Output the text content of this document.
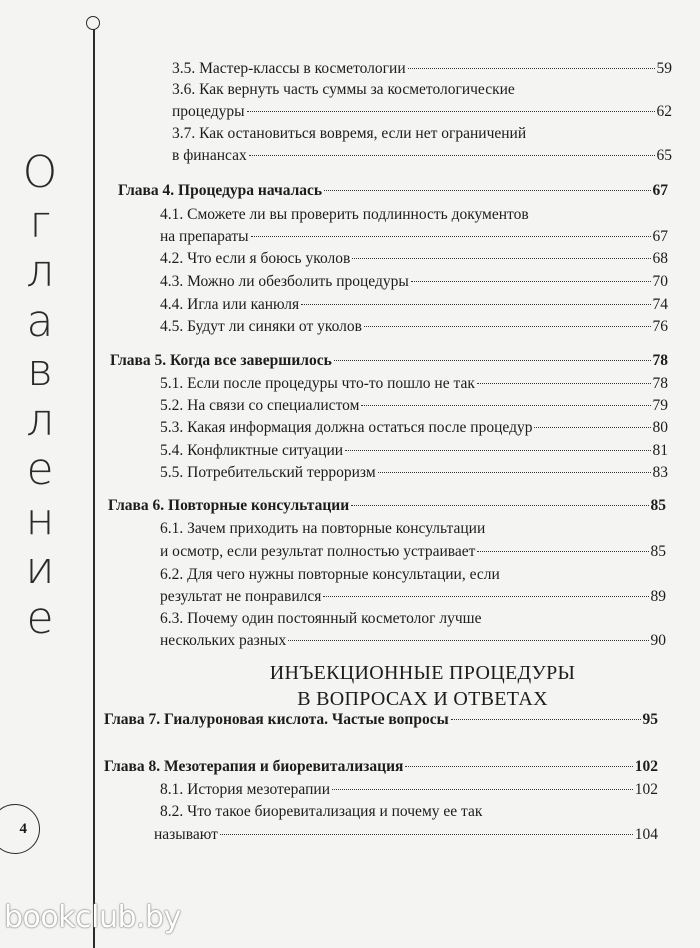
О
г
л
а
в
л
е
н
и
е
4
bookclub.by
3.5. Мастер-классы в косметологии	59
3.6. Как вернуть часть суммы за косметологические
процедуры	62
3.7. Как остановиться вовремя, если нет ограничений
в финансах	65
Глава 4. Процедура началась	67
4.1. Сможете ли вы проверить подлинность документов
на препараты	67
4.2. Что если я боюсь уколов	68
4.3. Можно ли обезболить процедуры	70
4.4. Игла или канюля	74
4.5. Будут ли синяки от уколов	76
Глава 5. Когда все завершилось	78
5.1. Если после процедуры что-то пошло не так	78
5.2. На связи со специалистом	79
5.3. Какая информация должна остаться после процедур	80
5.4. Конфликтные ситуации	81
5.5. Потребительский терроризм	83
Глава 6. Повторные консультации	85
6.1. Зачем приходить на повторные консультации
и осмотр, если результат полностью устраивает	85
6.2. Для чего нужны повторные консультации, если
результат не понравился	89
6.3. Почему один постоянный косметолог лучше
нескольких разных	90
ИНЪЕКЦИОННЫЕ ПРОЦЕДУРЫ
В ВОПРОСАХ И ОТВЕТАХ
Глава 7. Гиалуроновая кислота. Частые вопросы	95
Глава 8. Мезотерапия и биоревитализация	102
8.1. История мезотерапии	102
8.2. Что такое биоревитализация и почему ее так
называют	104
